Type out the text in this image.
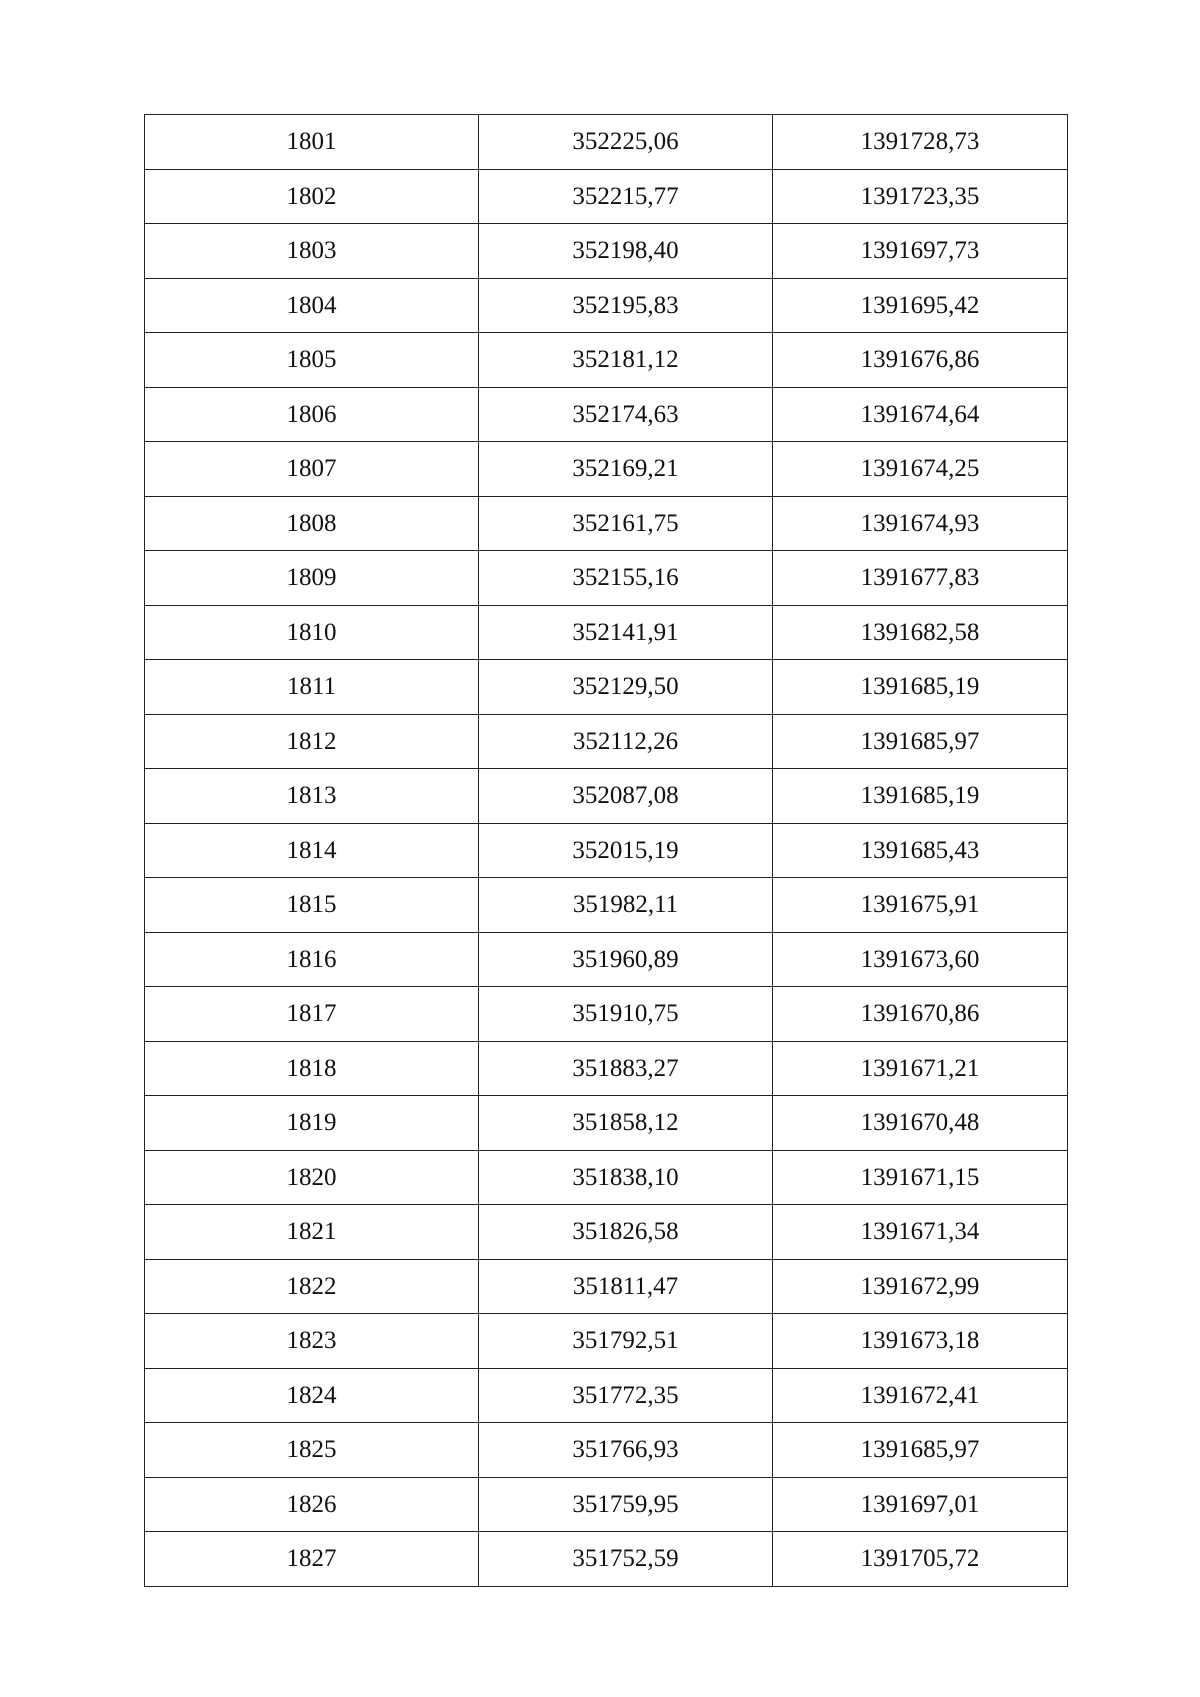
1801	352225,06	1391728,73
1802	352215,77	1391723,35
1803	352198,40	1391697,73
1804	352195,83	1391695,42
1805	352181,12	1391676,86
1806	352174,63	1391674,64
1807	352169,21	1391674,25
1808	352161,75	1391674,93
1809	352155,16	1391677,83
1810	352141,91	1391682,58
1811	352129,50	1391685,19
1812	352112,26	1391685,97
1813	352087,08	1391685,19
1814	352015,19	1391685,43
1815	351982,11	1391675,91
1816	351960,89	1391673,60
1817	351910,75	1391670,86
1818	351883,27	1391671,21
1819	351858,12	1391670,48
1820	351838,10	1391671,15
1821	351826,58	1391671,34
1822	351811,47	1391672,99
1823	351792,51	1391673,18
1824	351772,35	1391672,41
1825	351766,93	1391685,97
1826	351759,95	1391697,01
1827	351752,59	1391705,72
